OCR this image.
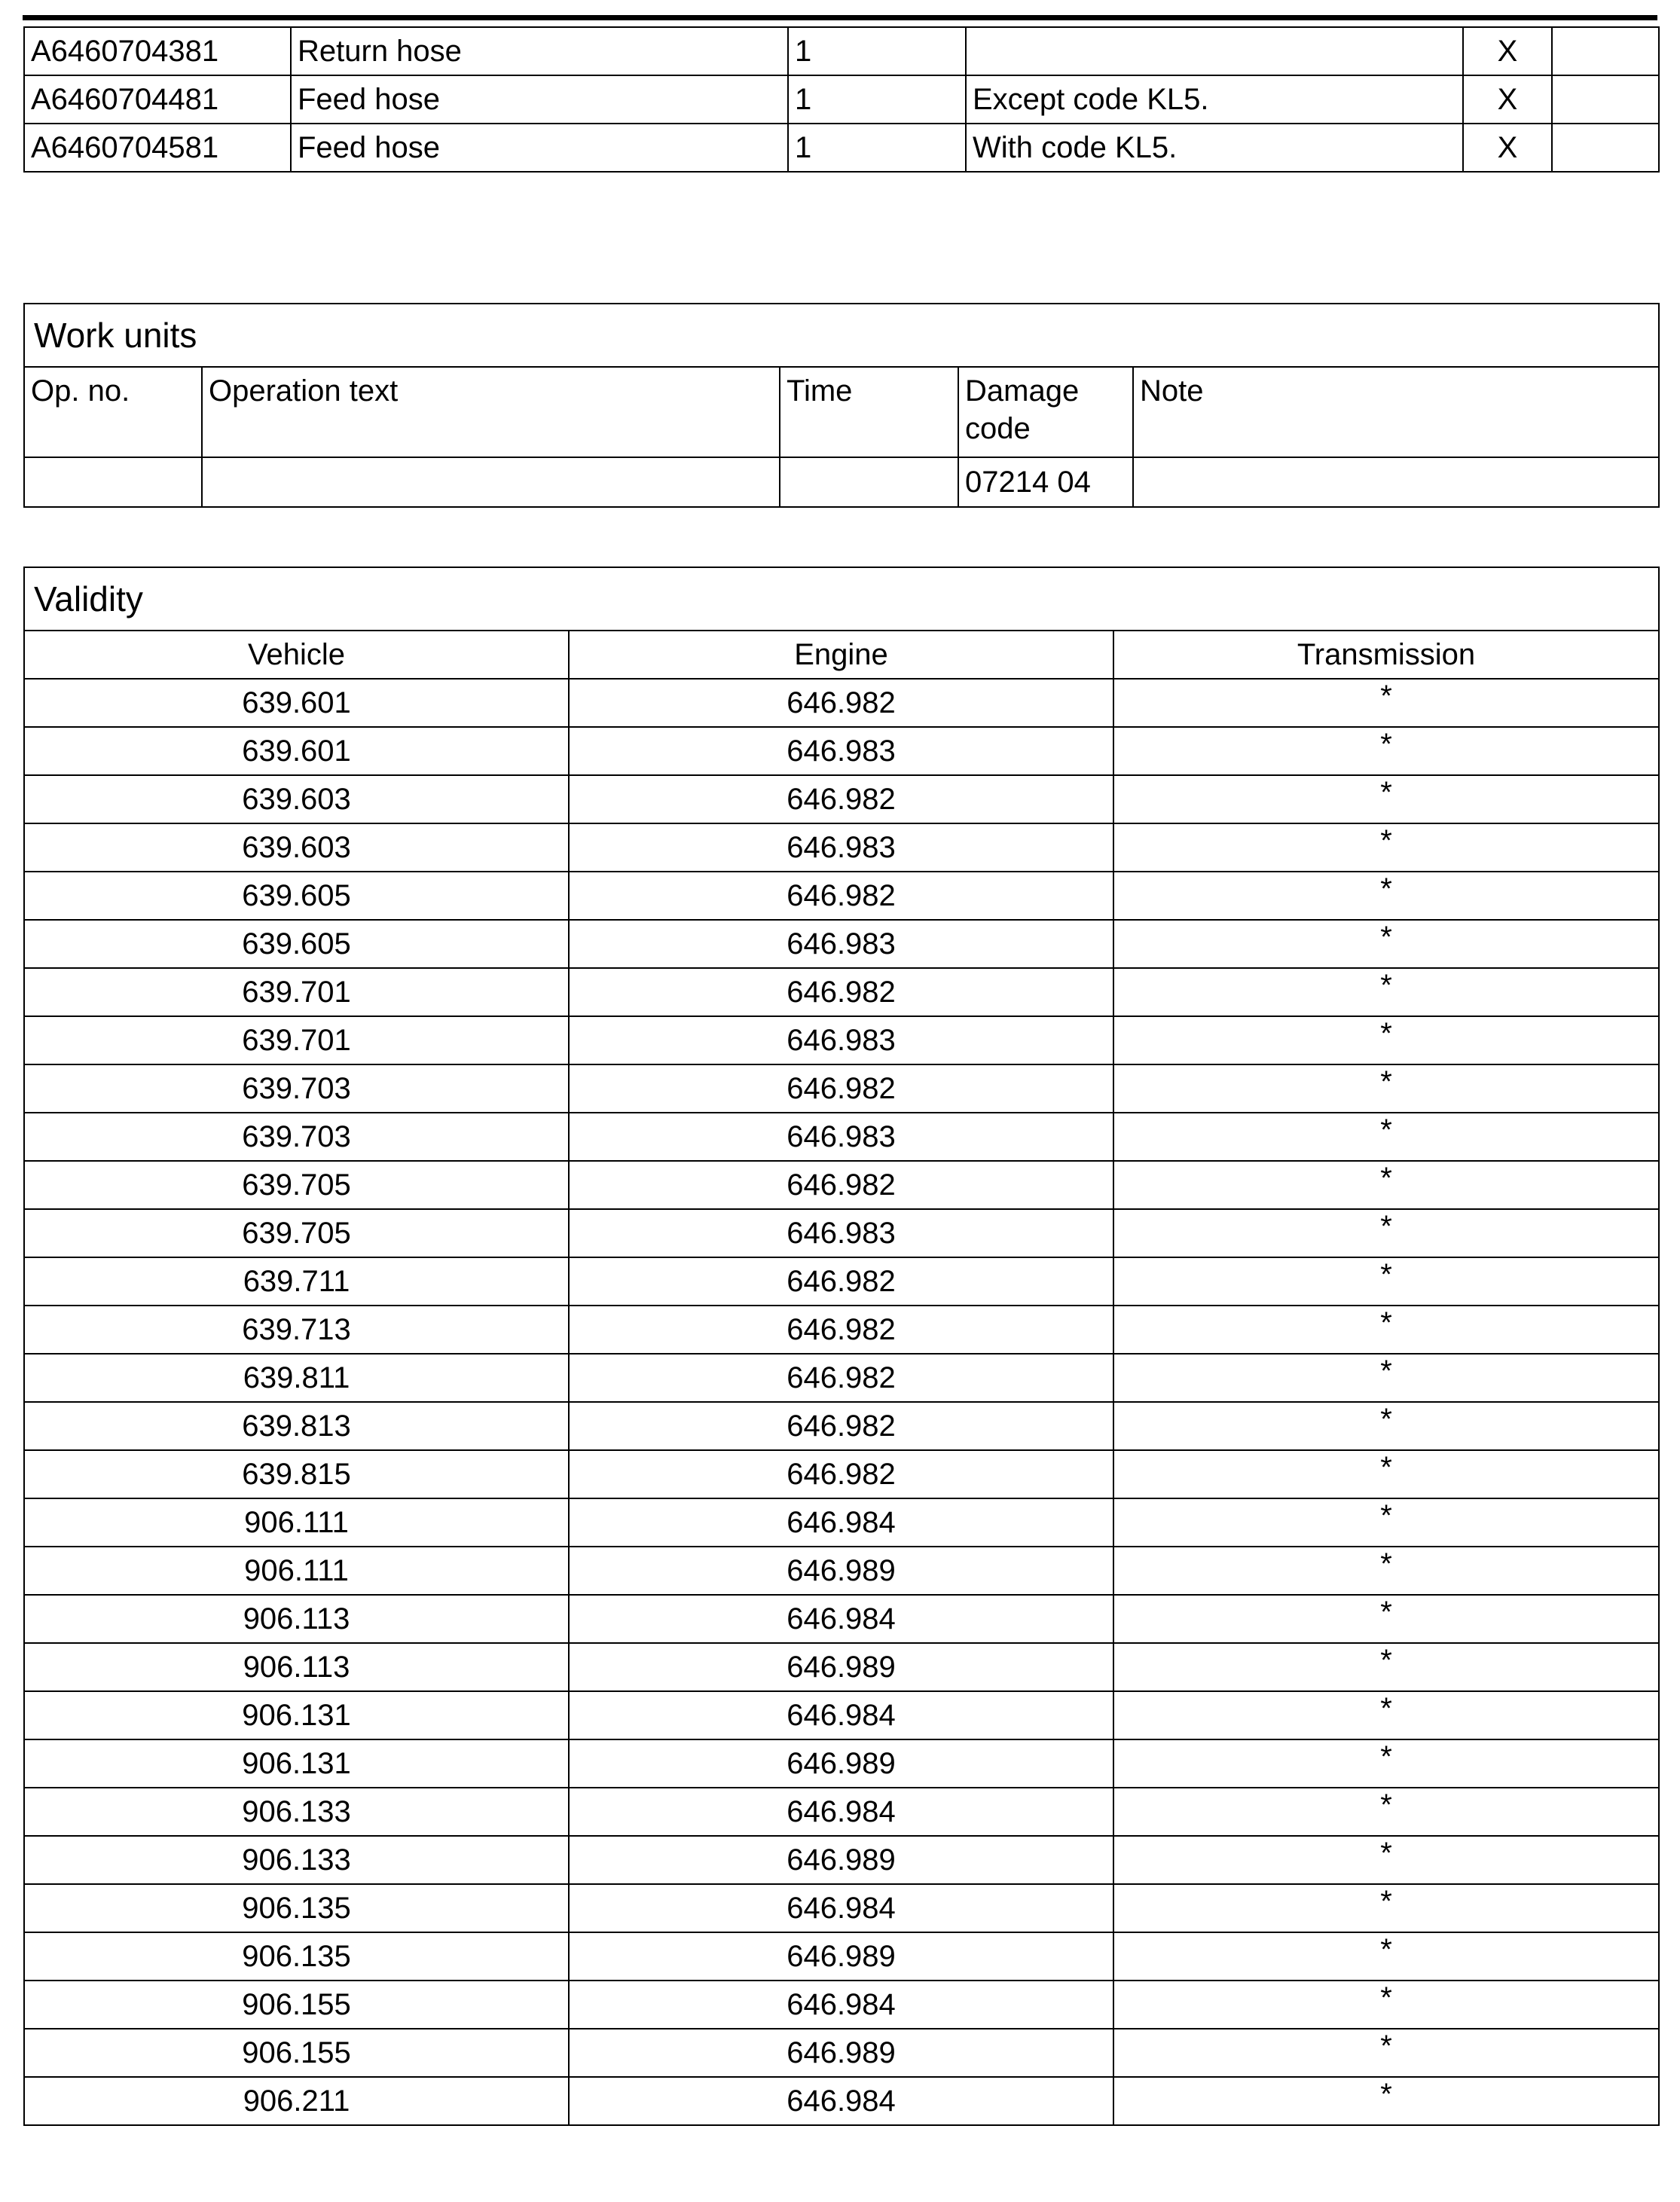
A6460704381	Return hose	1		X	
A6460704481	Feed hose	1	Except code KL5.	X	
A6460704581	Feed hose	1	With code KL5.	X	
Work units				
Op. no.	Operation text	Time	Damage code	Note
			07214 04	
Validity		
Vehicle	Engine	Transmission
639.601	646.982	*
639.601	646.983	*
639.603	646.982	*
639.603	646.983	*
639.605	646.982	*
639.605	646.983	*
639.701	646.982	*
639.701	646.983	*
639.703	646.982	*
639.703	646.983	*
639.705	646.982	*
639.705	646.983	*
639.711	646.982	*
639.713	646.982	*
639.811	646.982	*
639.813	646.982	*
639.815	646.982	*
906.111	646.984	*
906.111	646.989	*
906.113	646.984	*
906.113	646.989	*
906.131	646.984	*
906.131	646.989	*
906.133	646.984	*
906.133	646.989	*
906.135	646.984	*
906.135	646.989	*
906.155	646.984	*
906.155	646.989	*
906.211	646.984	*
